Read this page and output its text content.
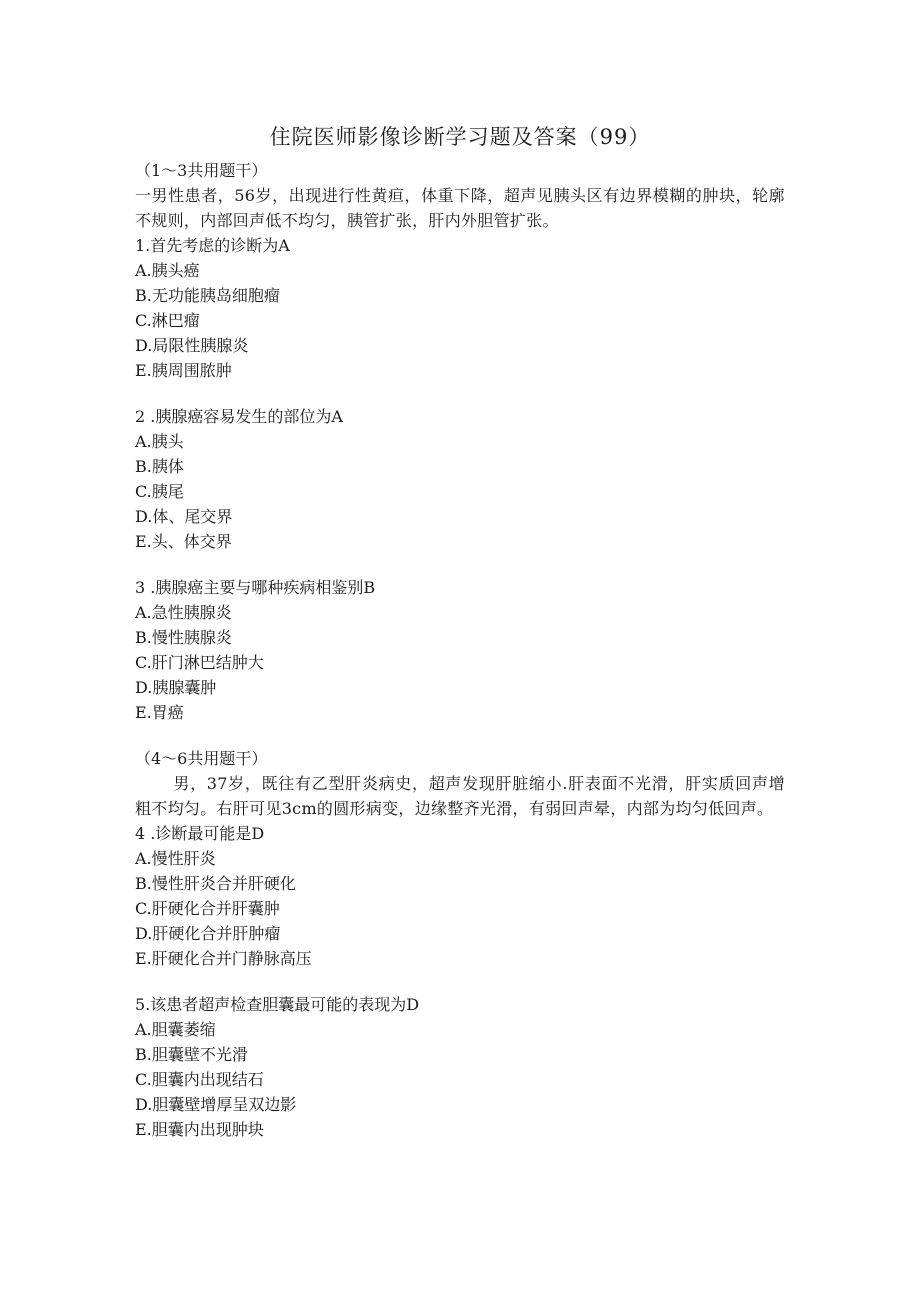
住院医师影像诊断学习题及答案（99）
（1～3共用题干）
一男性患者，56岁，出现进行性黄疸，体重下降，超声见胰头区有边界模糊的肿块，轮廓不规则，内部回声低不均匀，胰管扩张，肝内外胆管扩张。
1.首先考虑的诊断为A
A.胰头癌
B.无功能胰岛细胞瘤
C.淋巴瘤
D.局限性胰腺炎
E.胰周围脓肿
2 .胰腺癌容易发生的部位为A
A.胰头
B.胰体
C.胰尾
D.体、尾交界
E.头、体交界
3 .胰腺癌主要与哪种疾病相鉴别B
A.急性胰腺炎
B.慢性胰腺炎
C.肝门淋巴结肿大
D.胰腺囊肿
E.胃癌
（4～6共用题干）
男，37岁，既往有乙型肝炎病史，超声发现肝脏缩小.肝表面不光滑，肝实质回声增粗不均匀。右肝可见3cm的圆形病变，边缘整齐光滑，有弱回声晕，内部为均匀低回声。
4 .诊断最可能是D
A.慢性肝炎
B.慢性肝炎合并肝硬化
C.肝硬化合并肝囊肿
D.肝硬化合并肝肿瘤
E.肝硬化合并门静脉高压
5.该患者超声检查胆囊最可能的表现为D
A.胆囊萎缩
B.胆囊壁不光滑
C.胆囊内出现结石
D.胆囊壁增厚呈双边影
E.胆囊内出现肿块
